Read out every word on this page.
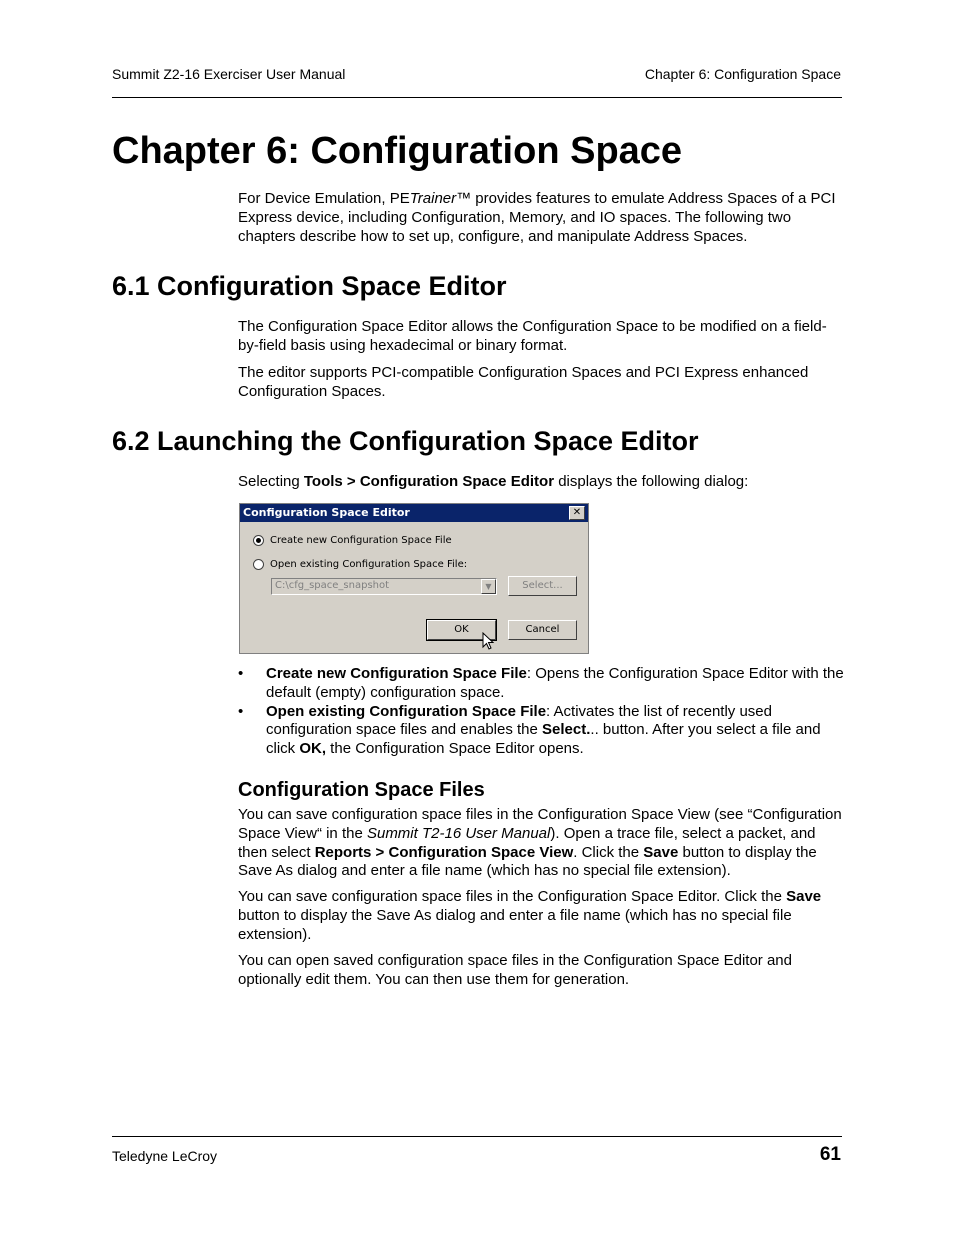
Summit Z2-16 Exerciser User Manual	Chapter 6: Configuration Space
Chapter 6: Configuration Space

For Device Emulation, PETrainer™ provides features to emulate Address Spaces of a PCI Express device, including Configuration, Memory, and IO spaces. The following two chapters describe how to set up, configure, and manipulate Address Spaces.

6.1 Configuration Space Editor

The Configuration Space Editor allows the Configuration Space to be modified on a field-by-field basis using hexadecimal or binary format.

The editor supports PCI-compatible Configuration Spaces and PCI Express enhanced Configuration Spaces.

6.2 Launching the Configuration Space Editor

Selecting Tools > Configuration Space Editor displays the following dialog:

Configuration Space Editor	✕
Create new Configuration Space File
Open existing Configuration Space File:
C:\cfg_space_snapshot	▼	Select...
OK	Cancel
• Create new Configuration Space File: Opens the Configuration Space Editor with the default (empty) configuration space.
• Open existing Configuration Space File: Activates the list of recently used configuration space files and enables the Select... button. After you select a file and click OK, the Configuration Space Editor opens.
Configuration Space Files

You can save configuration space files in the Configuration Space View (see “Configuration Space View“ in the Summit T2-16 User Manual). Open a trace file, select a packet, and then select Reports > Configuration Space View. Click the Save button to display the Save As dialog and enter a file name (which has no special file extension).

You can save configuration space files in the Configuration Space Editor. Click the Save button to display the Save As dialog and enter a file name (which has no special file extension).

You can open saved configuration space files in the Configuration Space Editor and optionally edit them. You can then use them for generation.

Teledyne LeCroy	61
